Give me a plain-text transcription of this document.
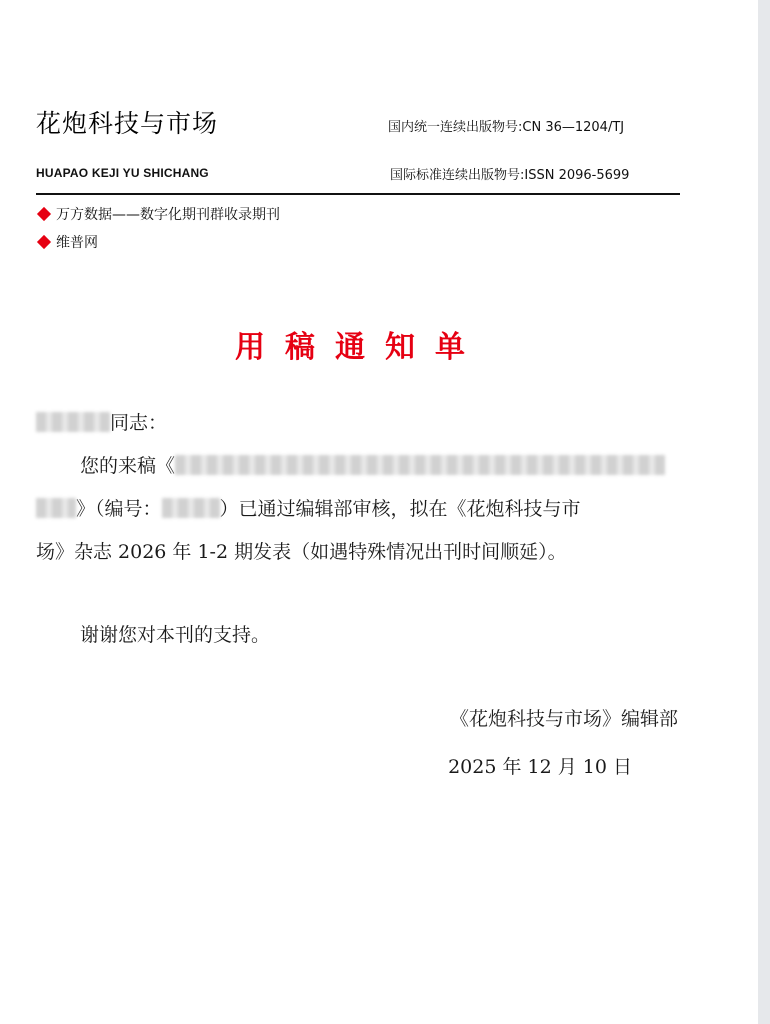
花炮科技与市场	国内统一连续出版物号:CN 36—1204/TJ
HUAPAO KEJI YU SHICHANG	国际标准连续出版物号:ISSN 2096-5699
万方数据——数字化期刊群收录期刊
维普网
用稿通知单
同志：
您的来稿《
》（编号：	）已通过编辑部审核，拟在《花炮科技与市
场》杂志 2026 年 1-2 期发表（如遇特殊情况出刊时间顺延）。
谢谢您对本刊的支持。
《花炮科技与市场》编辑部
2025 年 12 月 10 日
